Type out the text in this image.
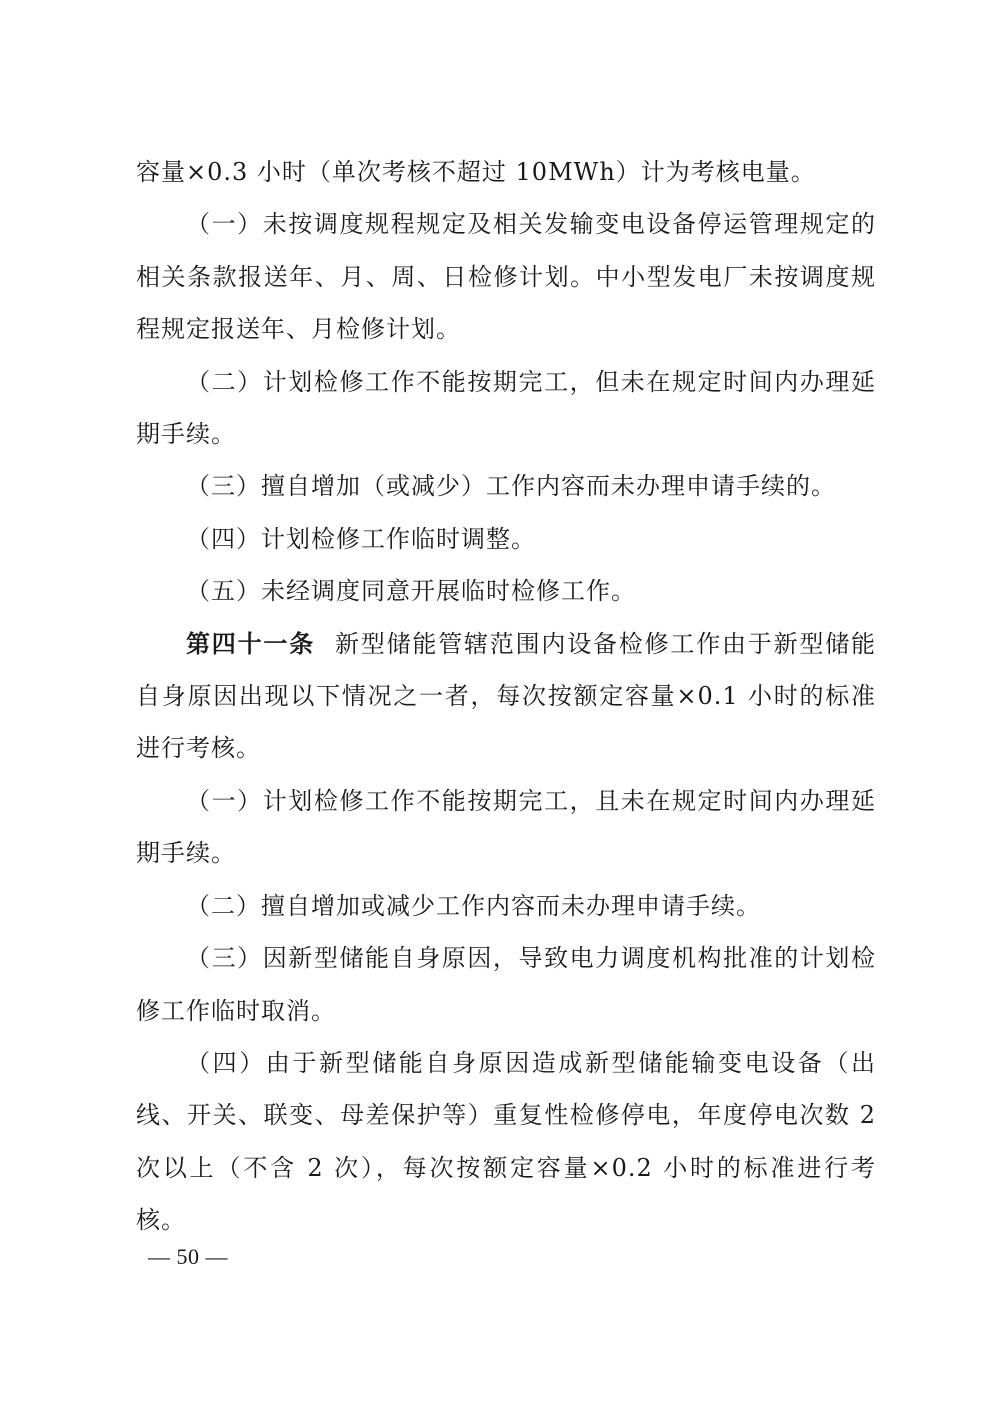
容量×0.3 小时（单次考核不超过 10MWh）计为考核电量。

（一）未按调度规程规定及相关发输变电设备停运管理规定的相关条款报送年、月、周、日检修计划。中小型发电厂未按调度规程规定报送年、月检修计划。

（二）计划检修工作不能按期完工，但未在规定时间内办理延期手续。

（三）擅自增加（或减少）工作内容而未办理申请手续的。

（四）计划检修工作临时调整。

（五）未经调度同意开展临时检修工作。

第四十一条 新型储能管辖范围内设备检修工作由于新型储能自身原因出现以下情况之一者，每次按额定容量×0.1 小时的标准进行考核。

（一）计划检修工作不能按期完工，且未在规定时间内办理延期手续。

（二）擅自增加或减少工作内容而未办理申请手续。

（三）因新型储能自身原因，导致电力调度机构批准的计划检修工作临时取消。

（四）由于新型储能自身原因造成新型储能输变电设备（出线、开关、联变、母差保护等）重复性检修停电，年度停电次数 2 次以上（不含 2 次），每次按额定容量×0.2 小时的标准进行考核。

— 50 —
